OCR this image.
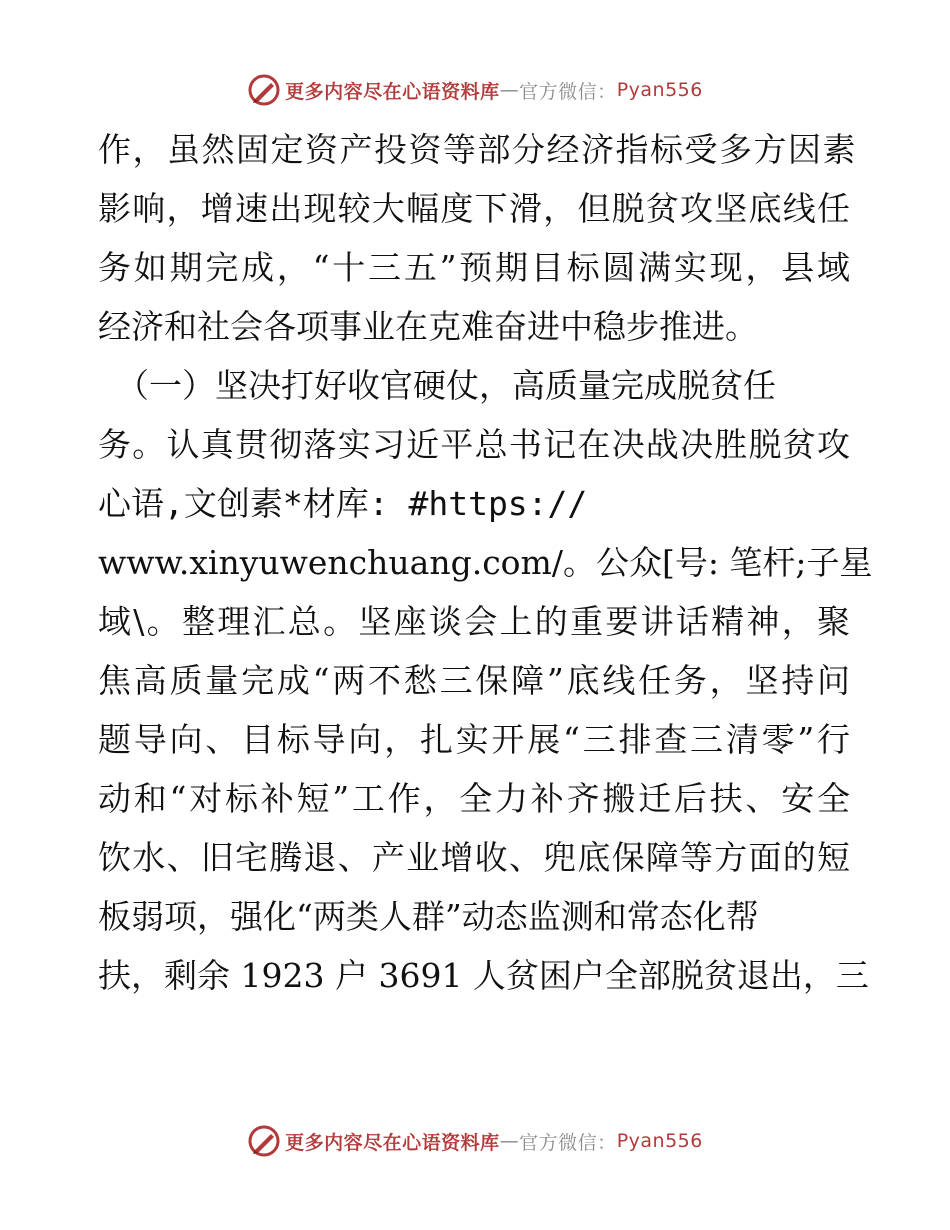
更多内容尽在心语资料库 — 官方微信： Pyan556
作，虽然固定资产投资等部分经济指标受多方因素
影响，增速出现较大幅度下滑，但脱贫攻坚底线任
务如期完成，“十三五”预期目标圆满实现，县域
经济和社会各项事业在克难奋进中稳步推进。
（一）坚决打好收官硬仗，高质量完成脱贫任
务。认真贯彻落实习近平总书记在决战决胜脱贫攻
心语,文创素*材库: #https://
www.xinyuwenchuang.com/。公众[号: 笔杆;子星
域\。整理汇总。坚座谈会上的重要讲话精神，聚
焦高质量完成“两不愁三保障”底线任务，坚持问
题导向、目标导向，扎实开展“三排查三清零”行
动和“对标补短”工作，全力补齐搬迁后扶、安全
饮水、旧宅腾退、产业增收、兜底保障等方面的短
板弱项，强化“两类人群”动态监测和常态化帮
扶，剩余 1923 户 3691 人贫困户全部脱贫退出，三
更多内容尽在心语资料库 — 官方微信： Pyan556
